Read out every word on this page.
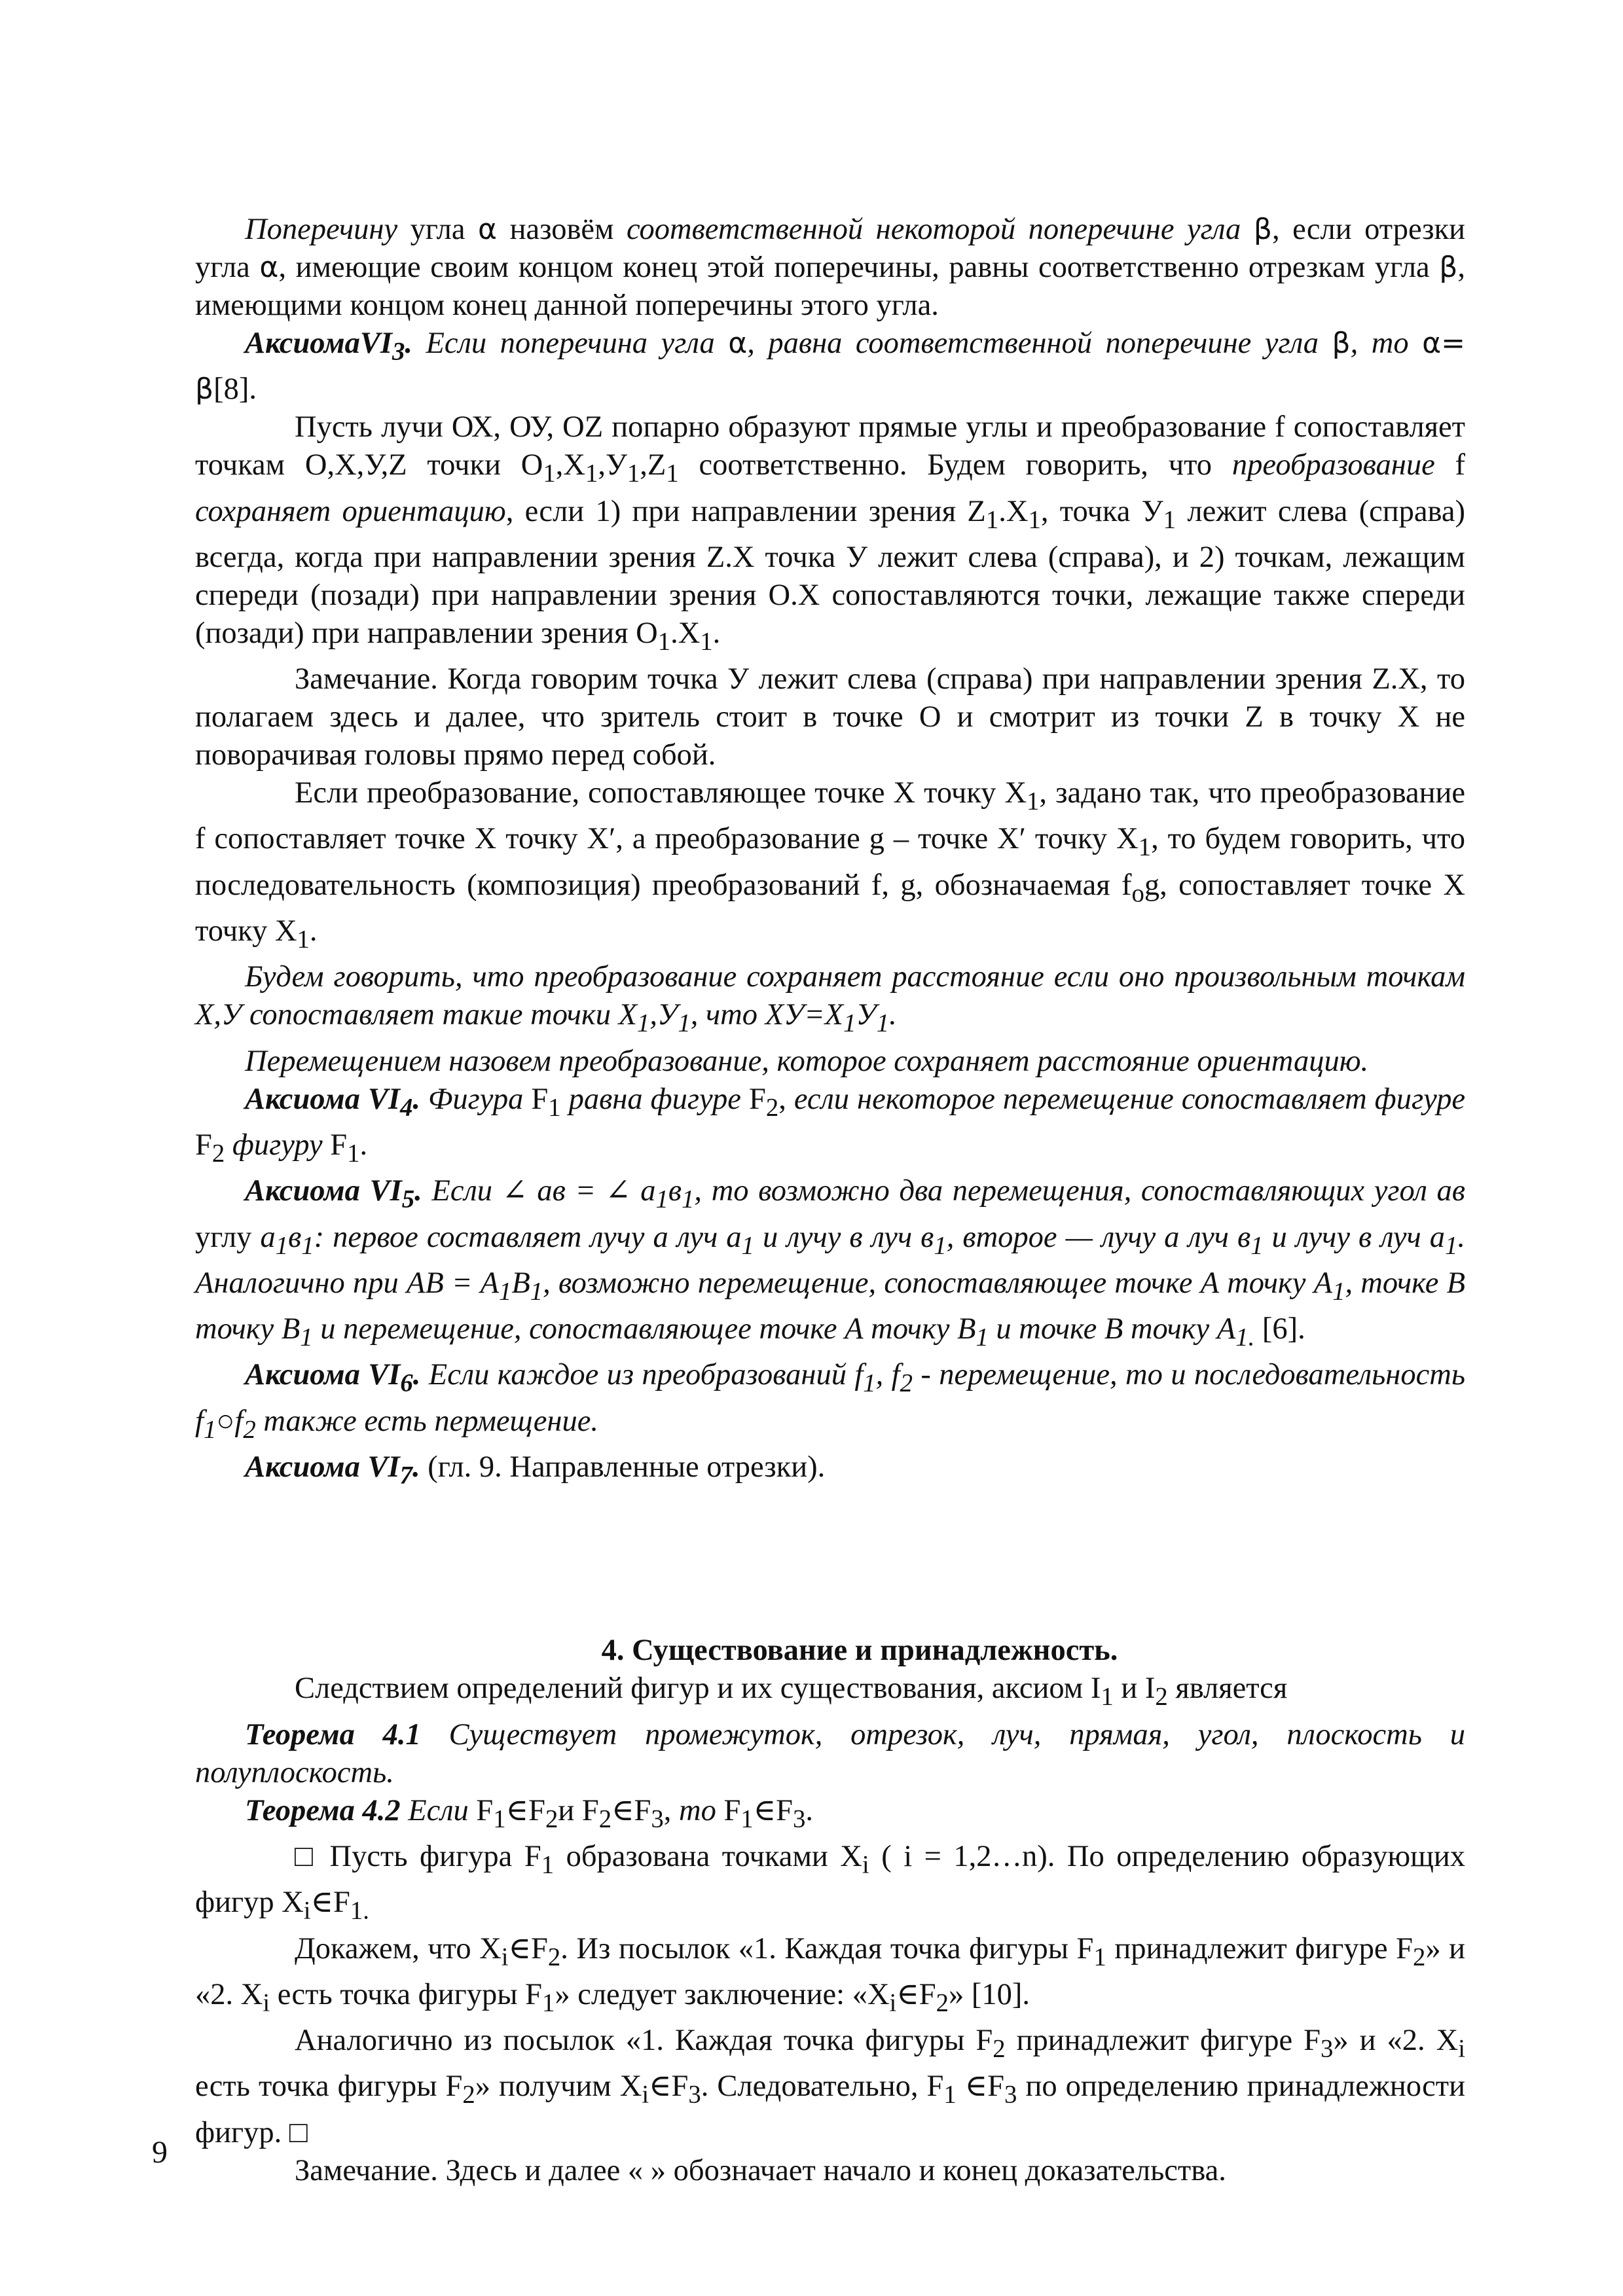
Поперечину угла α назовём соответственной некоторой поперечине угла β, если отрезки угла α, имеющие своим концом конец этой поперечины, равны соответственно отрезкам угла β, имеющими концом конец данной поперечины этого угла.

АксиомаVI$_3$. Если поперечина угла α, равна соответственной поперечине угла β, то α= β[8].

Пусть лучи ОХ, ОУ, OZ попарно образуют прямые углы и преобразование f сопоставляет точкам O,X,У,Z точки $O_1,X_1,У_1,Z_1$ соответственно. Будем говорить, что преобразование f сохраняет ориентацию, если 1) при направлении зрения $Z_1.X_1$, точка $У_1$ лежит слева (справа) всегда, когда при направлении зрения Z.X точка У лежит слева (справа), и 2) точкам, лежащим спереди (позади) при направлении зрения O.X сопоставляются точки, лежащие также спереди (позади) при направлении зрения $O_1.X_1$.

Замечание. Когда говорим точка У лежит слева (справа) при направлении зрения Z.X, то полагаем здесь и далее, что зритель стоит в точке О и смотрит из точки Z в точку X не поворачивая головы прямо перед собой.

Если преобразование, сопоставляющее точке Х точку $Х_1$, задано так, что преобразование f сопоставляет точке Х точку X′, а преобразование g – точке X′ точку $Х_1$, то будем говорить, что последовательность (композиция) преобразований f, g, обозначаемая $f_og$, сопоставляет точке Х точку $Х_1$.

Будем говорить, что преобразование сохраняет расстояние если оно произвольным точкам Х,У сопоставляет такие точки $Х_1,У_1$, что $ХУ=Х_1У_1$.

Перемещением назовем преобразование, которое сохраняет расстояние ориентацию.

Аксиома $VI_4$. Фигура $F_1$ равна фигуре $F_2$, если некоторое перемещение сопоставляет фигуре $F_2$ фигуру $F_1$.

Аксиома $VI_5$. Если ∠ ав = ∠ $а_1в_1$, то возможно два перемещения, сопоставляющих угол ав углу $а_1в_1$: первое составляет лучу а луч $а_1$ и лучу в луч $в_1$, второе — лучу а луч $в_1$ и лучу в луч $а_1$. Аналогично при АВ = $А_1В_1$, возможно перемещение, сопоставляющее точке А точку $А_1$, точке В точку $В_1$ и перемещение, сопоставляющее точке А точку $В_1$ и точке В точку $А_{1.}$ [6].

Аксиома $VI_6$. Если каждое из преобразований $f_1$, $f_2$ - перемещение, то и последовательность $f_1○f_2$ также есть пермещение.

Аксиома $VI_7$. (гл. 9. Направленные отрезки).

4. Существование и принадлежность.

Следствием определений фигур и их существования, аксиом $I_1$ и $I_2$ является

Теорема 4.1 Существует промежуток, отрезок, луч, прямая, угол, плоскость и полуплоскость.

Теорема 4.2 Если $F_1\in F_2и$ $F_2\in F_3$, то $F_1\in F_3$.

□ Пусть фигура $F_1$ образована точками $X_i$ ( i = 1,2…n). По определению образующих фигур $X_i\in F_{1.}$

Докажем, что $X_i\in F_2$. Из посылок «1. Каждая точка фигуры $F_1$ принадлежит фигуре $F_2$» и «2. $X_i$ есть точка фигуры $F_1$» следует заключение: «$X_i\in F_2$» [10].

Аналогично из посылок «1. Каждая точка фигуры $F_2$ принадлежит фигуре $F_3$» и «2. $X_i$ есть точка фигуры $F_2$» получим $X_i\in F_3$. Следовательно, $F_1$ $\in F_3$ по определению принадлежности фигур. □

Замечание. Здесь и далее « » обозначает начало и конец доказательства.

9
